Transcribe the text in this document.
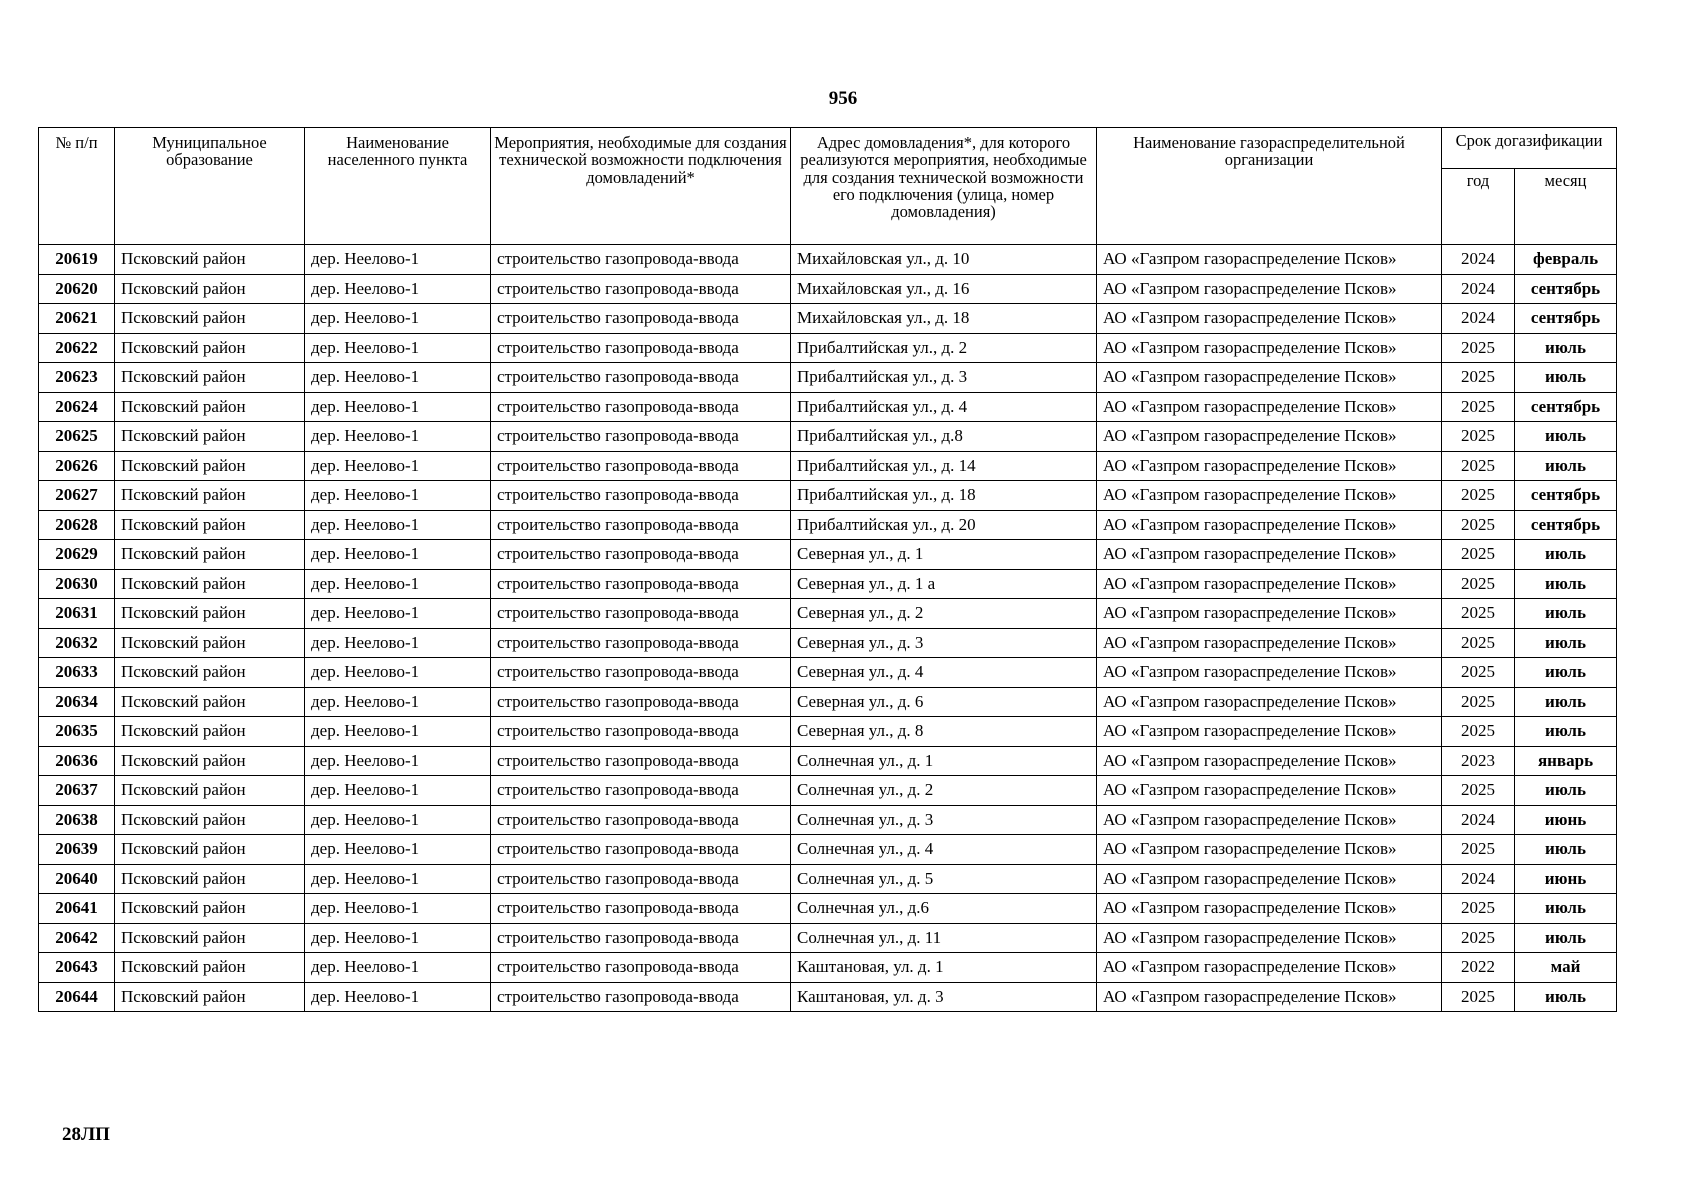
956
№ п/п	Муниципальное образование	Наименование населенного пункта	Мероприятия, необходимые для создания технической возможности подключения домовладений*	Адрес домовладения*, для которого реализуются мероприятия, необходимые для создания технической возможности его подключения (улица, номер домовладения)	Наименование газораспределительной организации	Срок догазификации	
						год	месяц
20619	Псковский район	дер. Неелово-1	строительство газопровода-ввода	Михайловская ул., д. 10	АО «Газпром газораспределение Псков»	2024	февраль
20620	Псковский район	дер. Неелово-1	строительство газопровода-ввода	Михайловская ул., д. 16	АО «Газпром газораспределение Псков»	2024	сентябрь
20621	Псковский район	дер. Неелово-1	строительство газопровода-ввода	Михайловская ул., д. 18	АО «Газпром газораспределение Псков»	2024	сентябрь
20622	Псковский район	дер. Неелово-1	строительство газопровода-ввода	Прибалтийская ул., д. 2	АО «Газпром газораспределение Псков»	2025	июль
20623	Псковский район	дер. Неелово-1	строительство газопровода-ввода	Прибалтийская ул., д. 3	АО «Газпром газораспределение Псков»	2025	июль
20624	Псковский район	дер. Неелово-1	строительство газопровода-ввода	Прибалтийская ул., д. 4	АО «Газпром газораспределение Псков»	2025	сентябрь
20625	Псковский район	дер. Неелово-1	строительство газопровода-ввода	Прибалтийская ул., д.8	АО «Газпром газораспределение Псков»	2025	июль
20626	Псковский район	дер. Неелово-1	строительство газопровода-ввода	Прибалтийская ул., д. 14	АО «Газпром газораспределение Псков»	2025	июль
20627	Псковский район	дер. Неелово-1	строительство газопровода-ввода	Прибалтийская ул., д. 18	АО «Газпром газораспределение Псков»	2025	сентябрь
20628	Псковский район	дер. Неелово-1	строительство газопровода-ввода	Прибалтийская ул., д. 20	АО «Газпром газораспределение Псков»	2025	сентябрь
20629	Псковский район	дер. Неелово-1	строительство газопровода-ввода	Северная ул., д. 1	АО «Газпром газораспределение Псков»	2025	июль
20630	Псковский район	дер. Неелово-1	строительство газопровода-ввода	Северная ул., д. 1 а	АО «Газпром газораспределение Псков»	2025	июль
20631	Псковский район	дер. Неелово-1	строительство газопровода-ввода	Северная ул., д. 2	АО «Газпром газораспределение Псков»	2025	июль
20632	Псковский район	дер. Неелово-1	строительство газопровода-ввода	Северная ул., д. 3	АО «Газпром газораспределение Псков»	2025	июль
20633	Псковский район	дер. Неелово-1	строительство газопровода-ввода	Северная ул., д. 4	АО «Газпром газораспределение Псков»	2025	июль
20634	Псковский район	дер. Неелово-1	строительство газопровода-ввода	Северная ул., д. 6	АО «Газпром газораспределение Псков»	2025	июль
20635	Псковский район	дер. Неелово-1	строительство газопровода-ввода	Северная ул., д. 8	АО «Газпром газораспределение Псков»	2025	июль
20636	Псковский район	дер. Неелово-1	строительство газопровода-ввода	Солнечная ул., д. 1	АО «Газпром газораспределение Псков»	2023	январь
20637	Псковский район	дер. Неелово-1	строительство газопровода-ввода	Солнечная ул., д. 2	АО «Газпром газораспределение Псков»	2025	июль
20638	Псковский район	дер. Неелово-1	строительство газопровода-ввода	Солнечная ул., д. 3	АО «Газпром газораспределение Псков»	2024	июнь
20639	Псковский район	дер. Неелово-1	строительство газопровода-ввода	Солнечная ул., д. 4	АО «Газпром газораспределение Псков»	2025	июль
20640	Псковский район	дер. Неелово-1	строительство газопровода-ввода	Солнечная ул., д. 5	АО «Газпром газораспределение Псков»	2024	июнь
20641	Псковский район	дер. Неелово-1	строительство газопровода-ввода	Солнечная ул., д.6	АО «Газпром газораспределение Псков»	2025	июль
20642	Псковский район	дер. Неелово-1	строительство газопровода-ввода	Солнечная ул., д. 11	АО «Газпром газораспределение Псков»	2025	июль
20643	Псковский район	дер. Неелово-1	строительство газопровода-ввода	Каштановая, ул. д. 1	АО «Газпром газораспределение Псков»	2022	май
20644	Псковский район	дер. Неелово-1	строительство газопровода-ввода	Каштановая, ул. д. 3	АО «Газпром газораспределение Псков»	2025	июль
28ЛП
